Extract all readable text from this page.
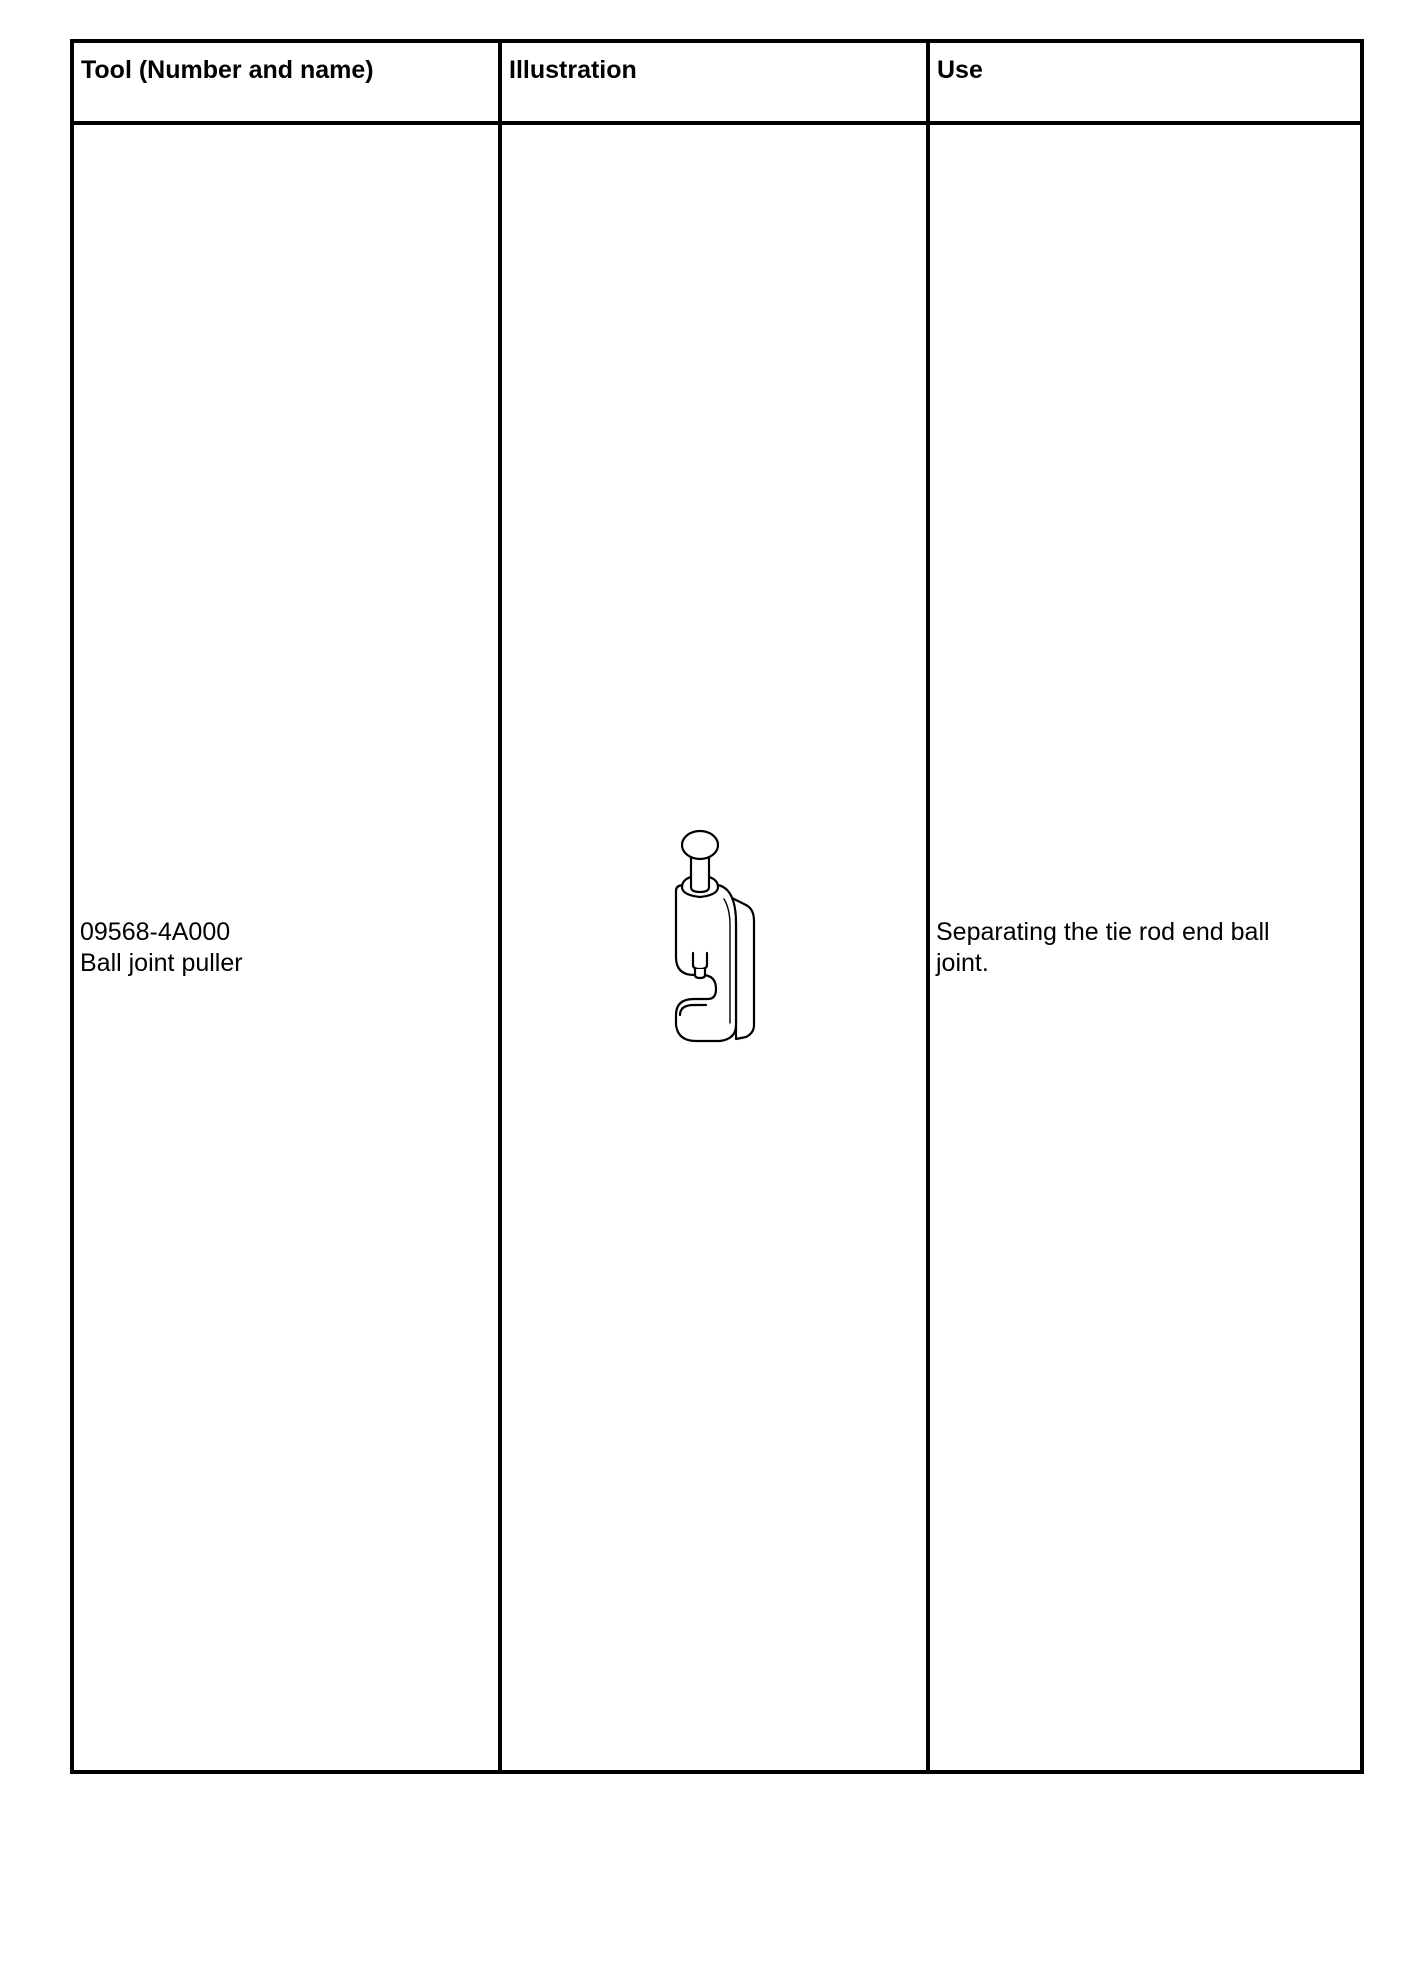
Tool (Number and name)	Illustration	Use

09568-4A000
Ball joint puller		Separating the tie rod end ball
joint.
